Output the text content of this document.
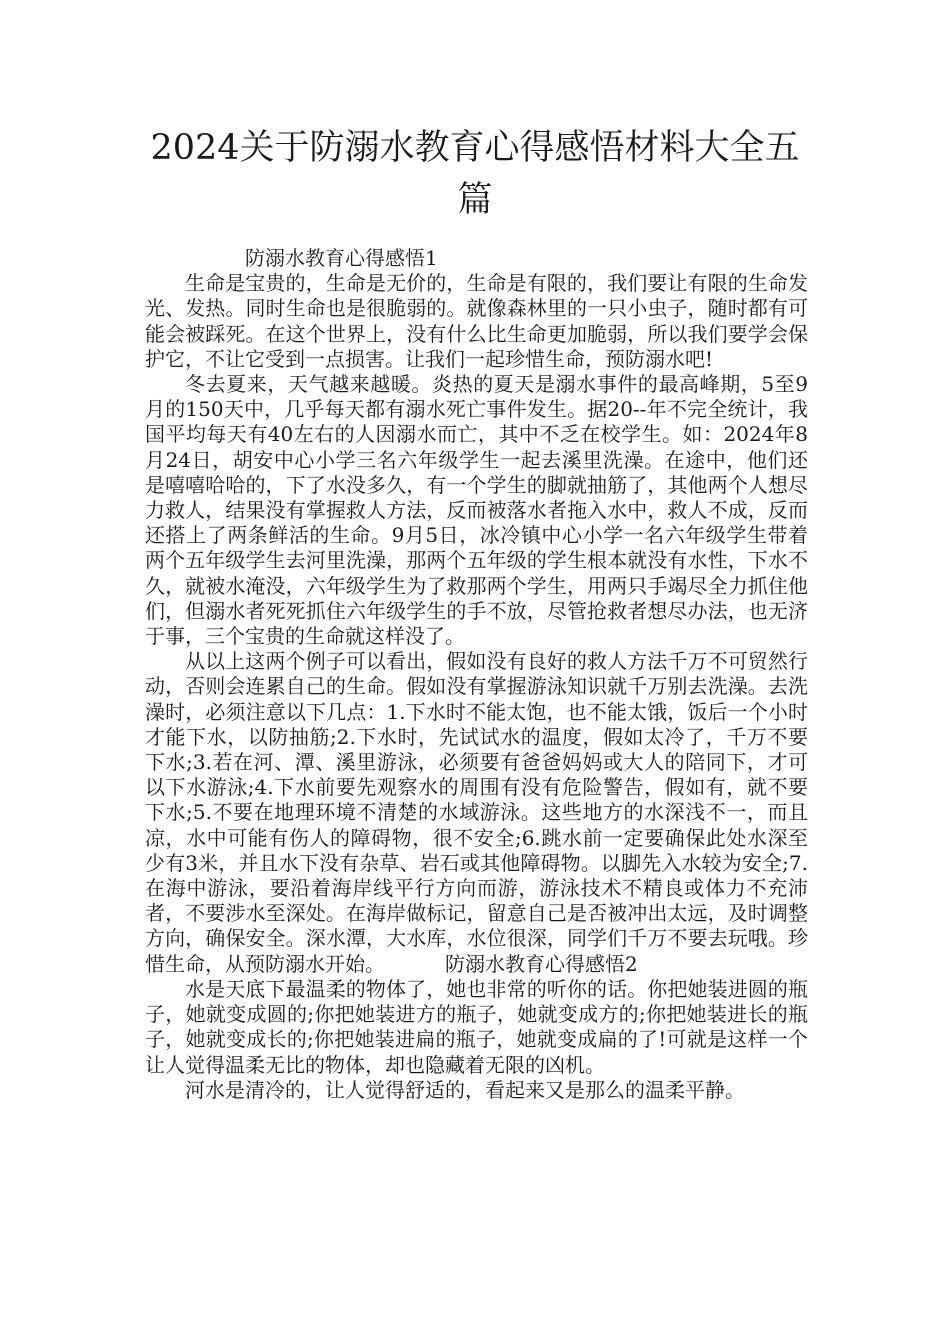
2024关于防溺水教育心得感悟材料大全五篇

防溺水教育心得感悟1

生命是宝贵的，生命是无价的，生命是有限的，我们要让有限的生命发光、发热。同时生命也是很脆弱的。就像森林里的一只小虫子，随时都有可能会被踩死。在这个世界上，没有什么比生命更加脆弱，所以我们要学会保护它，不让它受到一点损害。让我们一起珍惜生命，预防溺水吧!

冬去夏来，天气越来越暖。炎热的夏天是溺水事件的最高峰期，5至9月的150天中，几乎每天都有溺水死亡事件发生。据20--年不完全统计，我国平均每天有40左右的人因溺水而亡，其中不乏在校学生。如：2024年8月24日，胡安中心小学三名六年级学生一起去溪里洗澡。在途中，他们还是嘻嘻哈哈的，下了水没多久，有一个学生的脚就抽筋了，其他两个人想尽力救人，结果没有掌握救人方法，反而被落水者拖入水中，救人不成，反而还搭上了两条鲜活的生命。9月5日，冰冷镇中心小学一名六年级学生带着两个五年级学生去河里洗澡，那两个五年级的学生根本就没有水性，下水不久，就被水淹没，六年级学生为了救那两个学生，用两只手竭尽全力抓住他们，但溺水者死死抓住六年级学生的手不放，尽管抢救者想尽办法，也无济于事，三个宝贵的生命就这样没了。

从以上这两个例子可以看出，假如没有良好的救人方法千万不可贸然行动，否则会连累自己的生命。假如没有掌握游泳知识就千万别去洗澡。去洗澡时，必须注意以下几点：1.下水时不能太饱，也不能太饿，饭后一个小时才能下水，以防抽筋;2.下水时，先试试水的温度，假如太冷了，千万不要下水;3.若在河、潭、溪里游泳，必须要有爸爸妈妈或大人的陪同下，才可以下水游泳;4.下水前要先观察水的周围有没有危险警告，假如有，就不要下水;5.不要在地理环境不清楚的水域游泳。这些地方的水深浅不一，而且凉，水中可能有伤人的障碍物，很不安全;6.跳水前一定要确保此处水深至少有3米，并且水下没有杂草、岩石或其他障碍物。以脚先入水较为安全;7.在海中游泳，要沿着海岸线平行方向而游，游泳技术不精良或体力不充沛者，不要涉水至深处。在海岸做标记，留意自己是否被冲出太远，及时调整方向，确保安全。深水潭，大水库，水位很深，同学们千万不要去玩哦。珍惜生命，从预防溺水开始。	防溺水教育心得感悟2

水是天底下最温柔的物体了，她也非常的听你的话。你把她装进圆的瓶子，她就变成圆的;你把她装进方的瓶子，她就变成方的;你把她装进长的瓶子，她就变成长的;你把她装进扁的瓶子，她就变成扁的了!可就是这样一个让人觉得温柔无比的物体，却也隐藏着无限的凶机。

河水是清冷的，让人觉得舒适的，看起来又是那么的温柔平静。
